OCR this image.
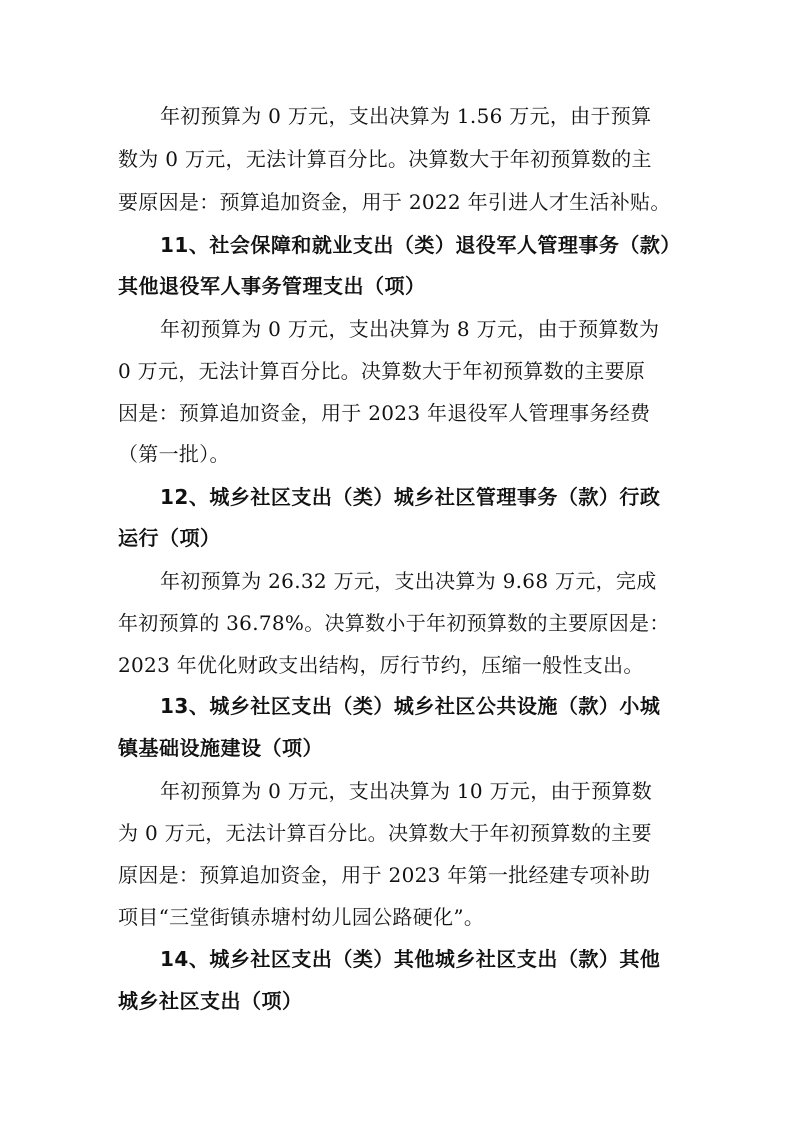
年初预算为 0 万元，支出决算为 1.56 万元，由于预算
数为 0 万元，无法计算百分比。决算数大于年初预算数的主
要原因是：预算追加资金，用于 2022 年引进人才生活补贴。
11、社会保障和就业支出（类）退役军人管理事务（款）
其他退役军人事务管理支出（项）
年初预算为 0 万元，支出决算为 8 万元，由于预算数为
0 万元，无法计算百分比。决算数大于年初预算数的主要原
因是：预算追加资金，用于 2023 年退役军人管理事务经费
（第一批）。
12、城乡社区支出（类）城乡社区管理事务（款）行政
运行（项）
年初预算为 26.32 万元，支出决算为 9.68 万元，完成
年初预算的 36.78%。决算数小于年初预算数的主要原因是：
2023 年优化财政支出结构，厉行节约，压缩一般性支出。
13、城乡社区支出（类）城乡社区公共设施（款）小城
镇基础设施建设（项）
年初预算为 0 万元，支出决算为 10 万元，由于预算数
为 0 万元，无法计算百分比。决算数大于年初预算数的主要
原因是：预算追加资金，用于 2023 年第一批经建专项补助
项目“三堂街镇赤塘村幼儿园公路硬化”。
14、城乡社区支出（类）其他城乡社区支出（款）其他
城乡社区支出（项）
